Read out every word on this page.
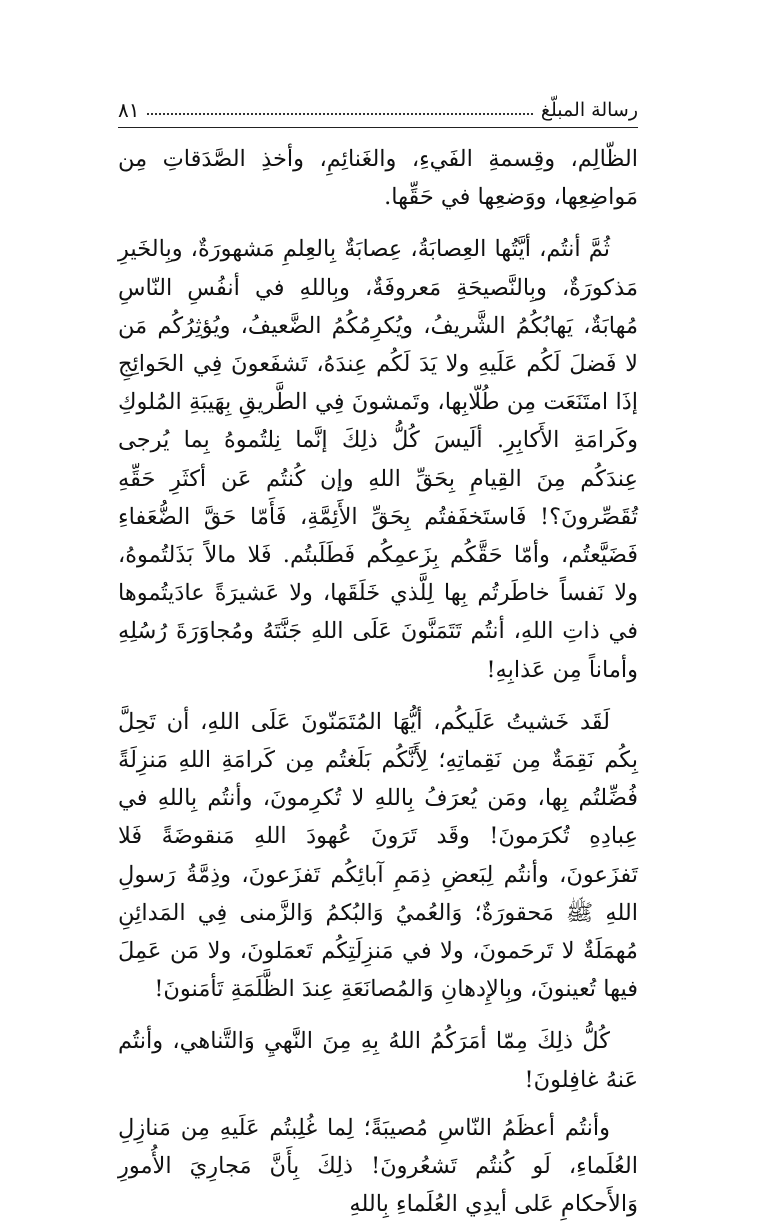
رسالة المبلّغ
٨١

الظّالِم، وقِسمةِ الفَيءِ، والغَنائِمِ، وأخذِ الصَّدَقاتِ مِن مَواضِعِها، ووَضعِها في حَقِّها.

ثُمَّ أنتُم، أيَّتُها العِصابَةُ، عِصابَةٌ بِالعِلمِ مَشهورَةٌ، وبِالخَيرِ مَذكورَةٌ، وبِالنَّصيحَةِ مَعروفَةٌ، وبِاللهِ في أنفُسِ النّاسِ مُهابَةٌ، يَهابُكُمُ الشَّريفُ، ويُكرِمُكُمُ الضَّعيفُ، ويُؤثِرُكُم مَن لا فَضلَ لَكُم عَلَيهِ ولا يَدَ لَكُم عِندَهُ، تَشفَعونَ فِي الحَوائِجِ إذَا امتَنَعَت مِن طُلّابِها، وتَمشونَ فِي الطَّريقِ بِهَيبَةِ المُلوكِ وكَرامَةِ الأَكابِرِ. ألَيسَ كُلُّ ذلِكَ إنَّما نِلتُموهُ بِما يُرجى عِندَكُم مِنَ القِيامِ بِحَقِّ اللهِ وإن كُنتُم عَن أكثَرِ حَقِّهِ تُقَصِّرونَ؟! فَاستَخفَفتُم بِحَقِّ الأَئِمَّةِ، فَأَمّا حَقَّ الضُّعَفاءِ فَضَيَّعتُم، وأمّا حَقَّكُم بِزَعمِكُم فَطَلَبتُم. فَلا مالاً بَذَلتُموهُ، ولا نَفساً خاطَرتُم بِها لِلَّذي خَلَقَها، ولا عَشيرَةً عادَيتُموها في ذاتِ اللهِ، أنتُم تَتَمَنَّونَ عَلَى اللهِ جَنَّتَهُ ومُجاوَرَةَ رُسُلِهِ وأماناً مِن عَذابِهِ!

لَقَد خَشيتُ عَلَيكُم، أيُّهَا المُتَمَنّونَ عَلَى اللهِ، أن تَحِلَّ بِكُم نَقِمَةٌ مِن نَقِماتِهِ؛ لِأَنَّكُم بَلَغتُم مِن كَرامَةِ اللهِ مَنزِلَةً فُضِّلتُم بِها، ومَن يُعرَفُ بِاللهِ لا تُكرِمونَ، وأنتُم بِاللهِ في عِبادِهِ تُكرَمونَ! وقَد تَرَونَ عُهودَ اللهِ مَنقوضَةً فَلا تَفزَعونَ، وأنتُم لِبَعضِ ذِمَمِ آبائِكُم تَفزَعونَ، وذِمَّةُ رَسولِ اللهِ ﷺ مَحقورَةٌ؛ وَالعُميُ وَالبُكمُ وَالزَّمنى فِي المَدائِنِ مُهمَلَةٌ لا تَرحَمونَ، ولا في مَنزِلَتِكُم تَعمَلونَ، ولا مَن عَمِلَ فيها تُعينونَ، وبِالإِدهانِ وَالمُصانَعَةِ عِندَ الظَّلَمَةِ تَأمَنونَ!

كُلُّ ذلِكَ مِمّا أمَرَكُمُ اللهُ بِهِ مِنَ النَّهيِ وَالتَّناهي، وأنتُم عَنهُ غافِلونَ!

وأنتُم أعظَمُ النّاسِ مُصيبَةً؛ لِما غُلِبتُم عَلَيهِ مِن مَنازِلِ العُلَماءِ، لَو كُنتُم تَشعُرونَ! ذلِكَ بِأَنَّ مَجارِيَ الأُمورِ وَالأَحكامِ عَلى أيدِي العُلَماءِ بِاللهِ
